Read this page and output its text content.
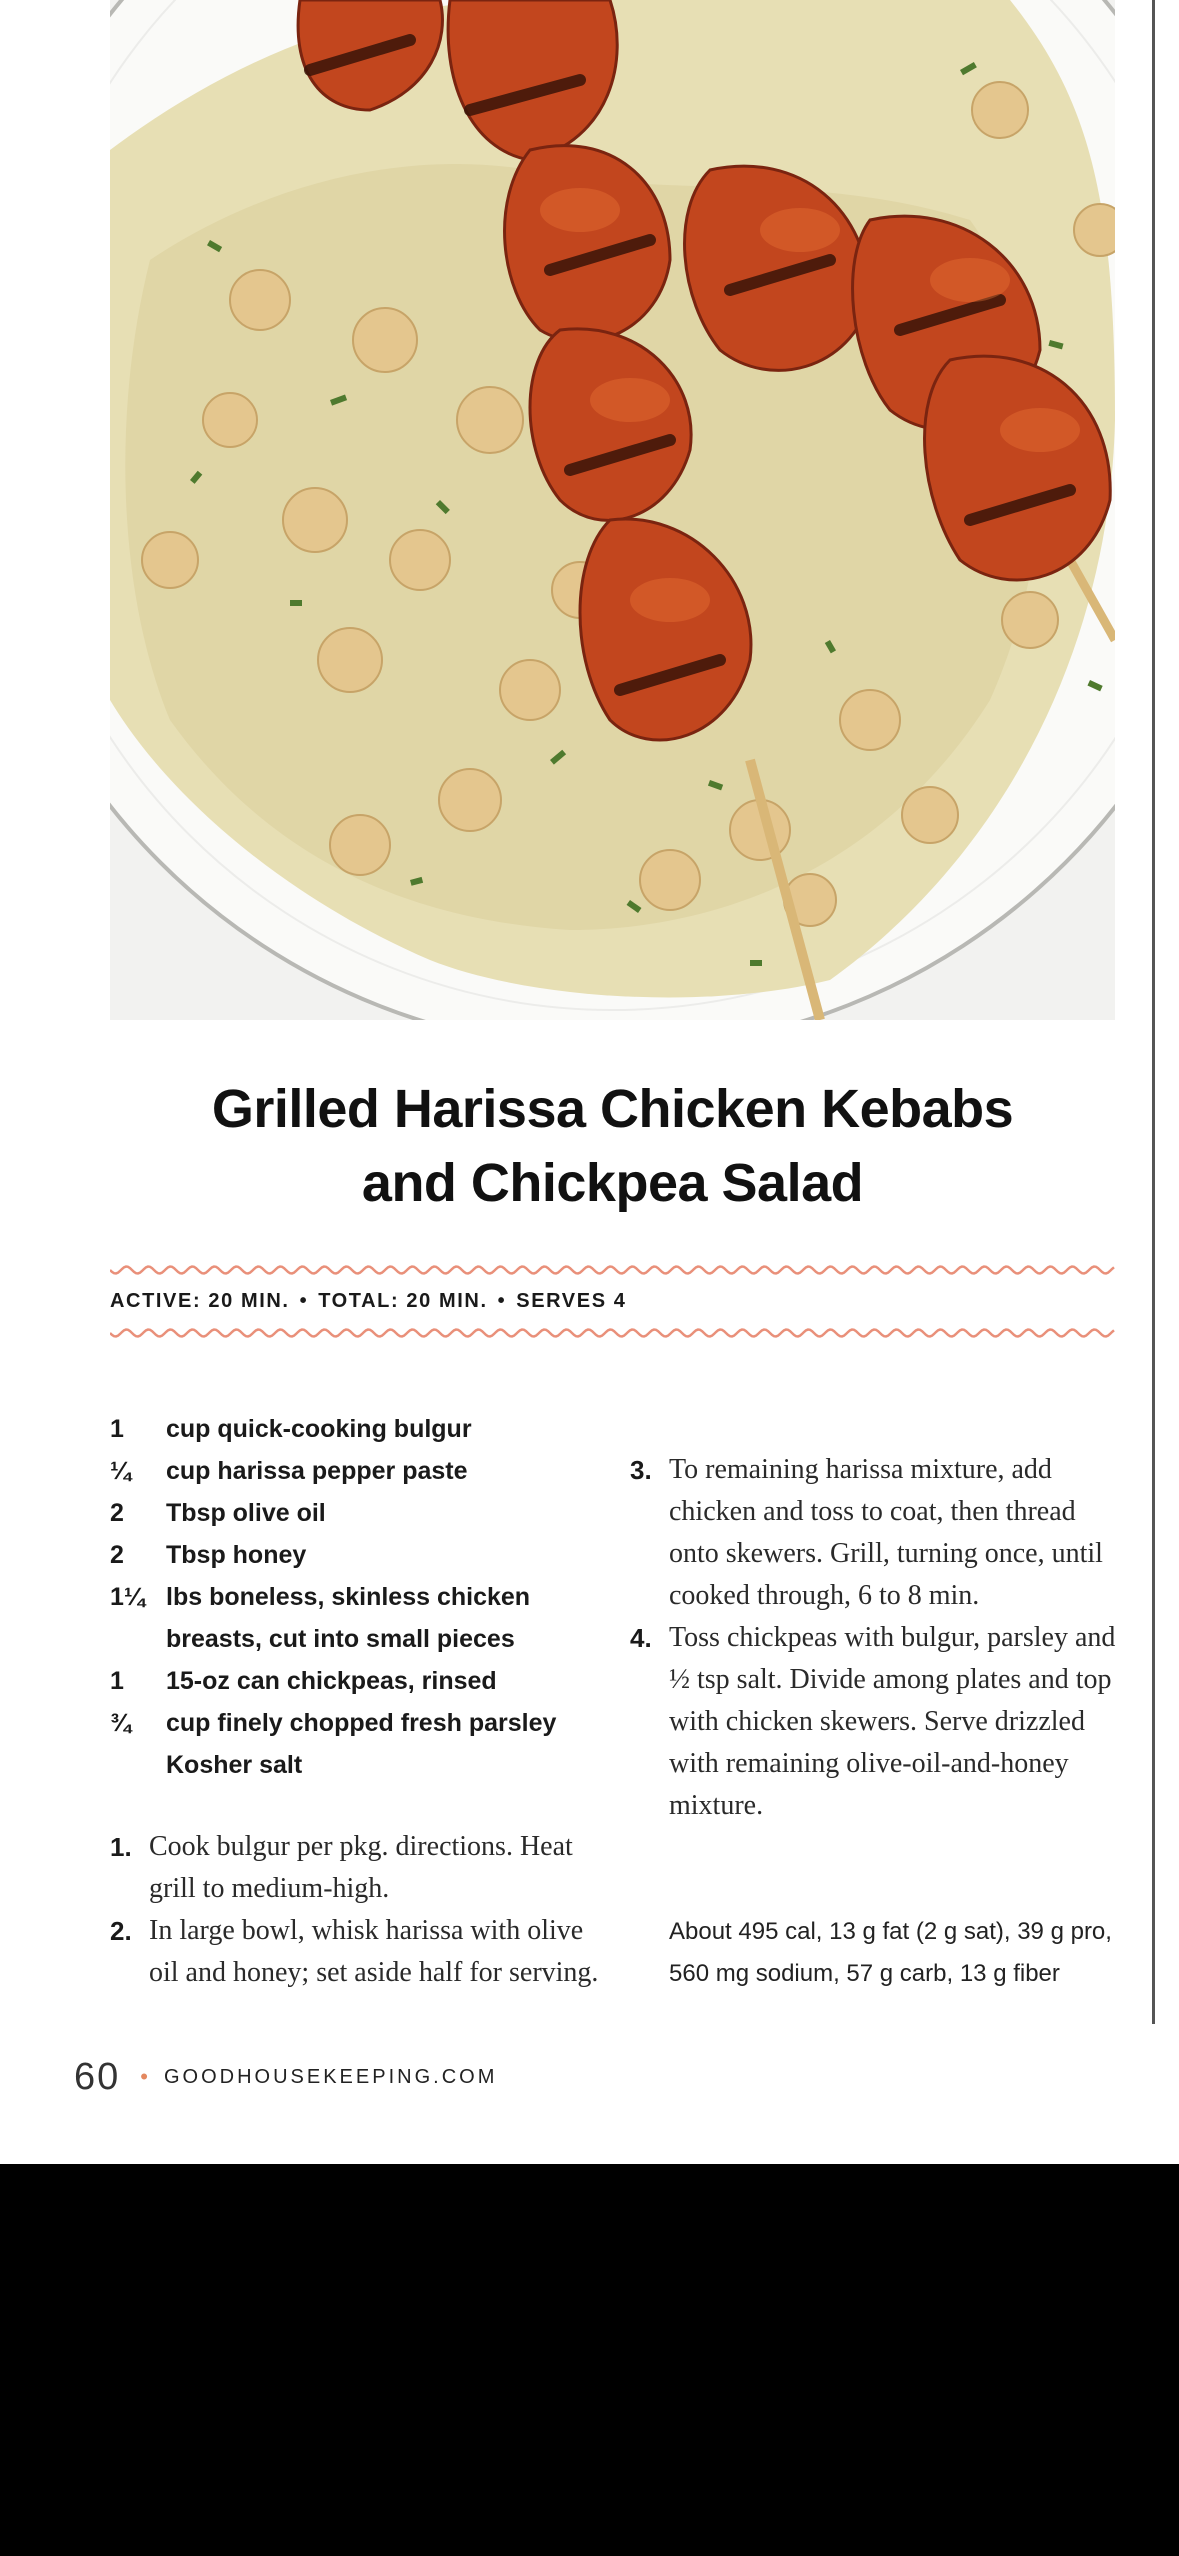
Grilled Harissa Chicken Kebabs
and Chickpea Salad
ACTIVE: 20 MIN. • TOTAL: 20 MIN. • SERVES 4
1	cup quick-cooking bulgur
¼	cup harissa pepper paste
2	Tbsp olive oil
2	Tbsp honey
1¼ lbs boneless, skinless chicken breasts, cut into small pieces
1	15-oz can chickpeas, rinsed
¾	cup finely chopped fresh parsley
Kosher salt
1. Cook bulgur per pkg. directions. Heat grill to medium-high.
2. In large bowl, whisk harissa with olive oil and honey; set aside half for serving.
3. To remaining harissa mixture, add chicken and toss to coat, then thread onto skewers. Grill, turning once, until cooked through, 6 to 8 min.
4. Toss chickpeas with bulgur, parsley and ½ tsp salt. Divide among plates and top with chicken skewers. Serve drizzled with remaining olive-oil-and-honey mixture.

About 495 cal, 13 g fat (2 g sat), 39 g pro, 560 mg sodium, 57 g carb, 13 g fiber

60 • GOODHOUSEKEEPING.COM
